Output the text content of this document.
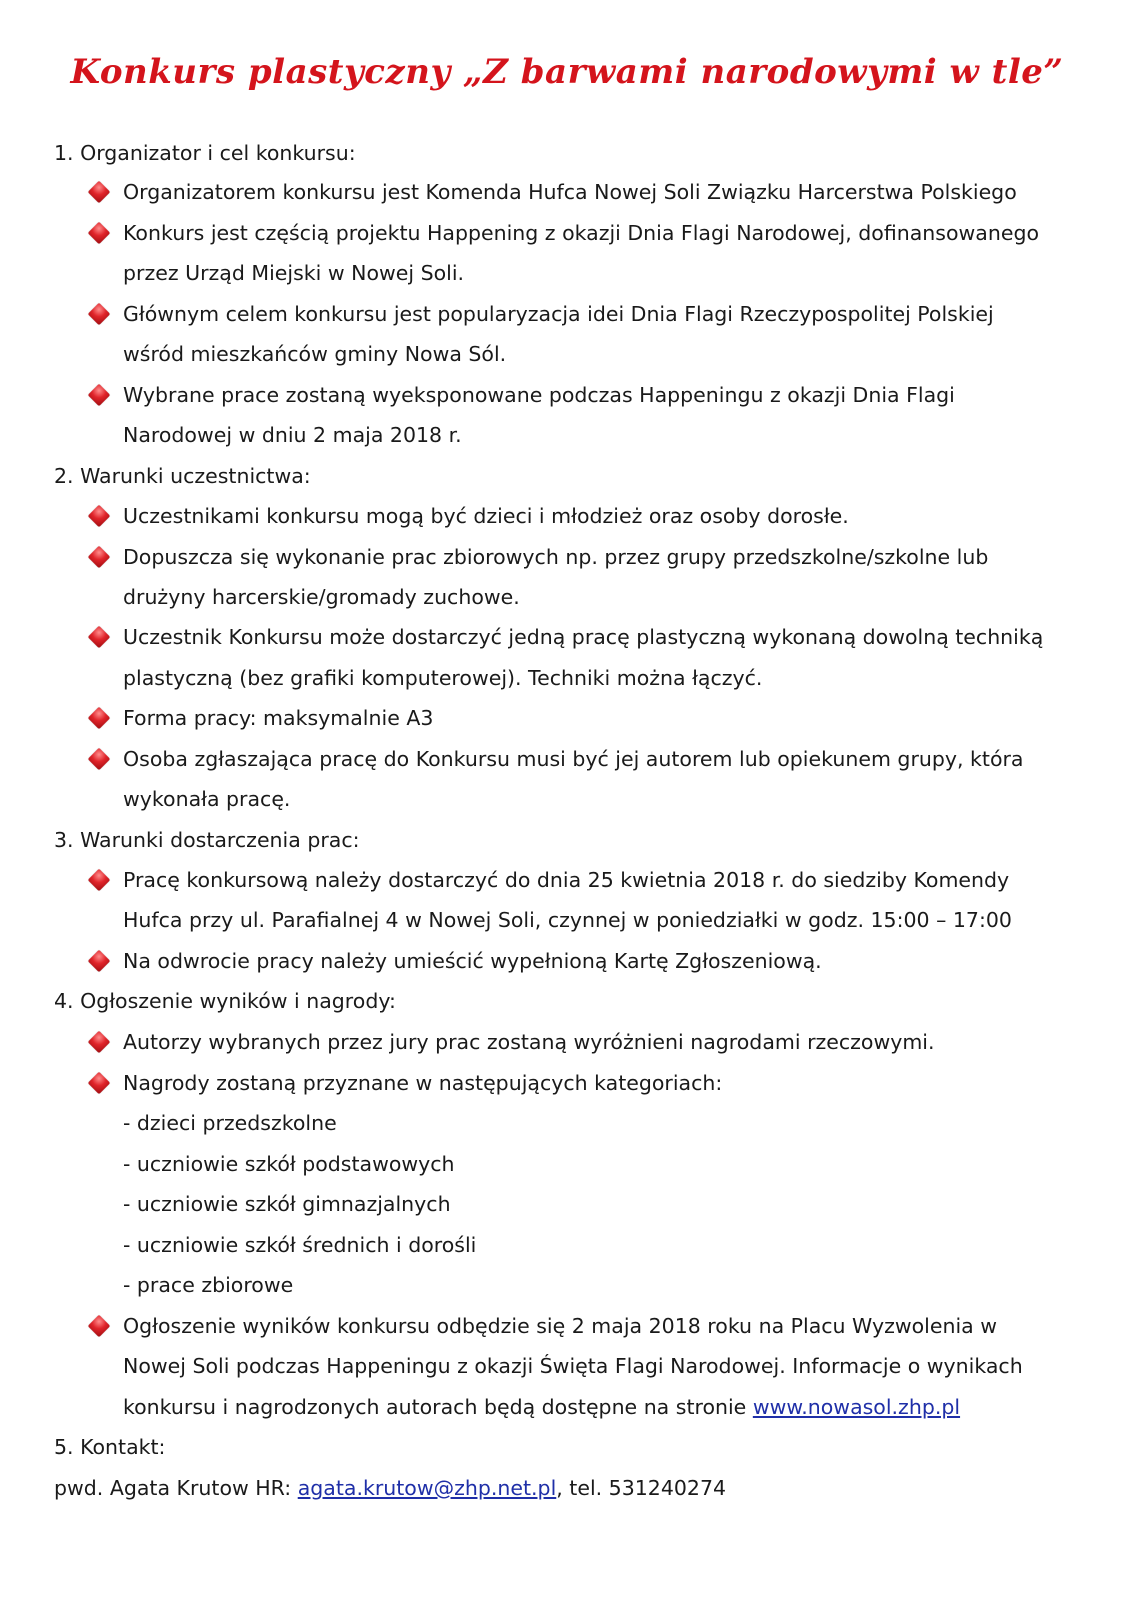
Konkurs plastyczny „Z barwami narodowymi w tle”
1. Organizator i cel konkursu:
Organizatorem konkursu jest Komenda Hufca Nowej Soli Związku Harcerstwa Polskiego
Konkurs jest częścią projektu Happening z okazji Dnia Flagi Narodowej, dofinansowanego
przez Urząd Miejski w Nowej Soli.
Głównym celem konkursu jest popularyzacja idei Dnia Flagi Rzeczypospolitej Polskiej
wśród mieszkańców gminy Nowa Sól.
Wybrane prace zostaną wyeksponowane podczas Happeningu z okazji Dnia Flagi
Narodowej w dniu 2 maja 2018 r.
2. Warunki uczestnictwa:
Uczestnikami konkursu mogą być dzieci i młodzież oraz osoby dorosłe.
Dopuszcza się wykonanie prac zbiorowych np. przez grupy przedszkolne/szkolne lub
drużyny harcerskie/gromady zuchowe.
Uczestnik Konkursu może dostarczyć jedną pracę plastyczną wykonaną dowolną techniką
plastyczną (bez grafiki komputerowej). Techniki można łączyć.
Forma pracy: maksymalnie A3
Osoba zgłaszająca pracę do Konkursu musi być jej autorem lub opiekunem grupy, która
wykonała pracę.
3. Warunki dostarczenia prac:
Pracę konkursową należy dostarczyć do dnia 25 kwietnia 2018 r. do siedziby Komendy
Hufca przy ul. Parafialnej 4 w Nowej Soli, czynnej w poniedziałki w godz. 15:00 – 17:00
Na odwrocie pracy należy umieścić wypełnioną Kartę Zgłoszeniową.
4. Ogłoszenie wyników i nagrody:
Autorzy wybranych przez jury prac zostaną wyróżnieni nagrodami rzeczowymi.
Nagrody zostaną przyznane w następujących kategoriach:
- dzieci przedszkolne
- uczniowie szkół podstawowych
- uczniowie szkół gimnazjalnych
- uczniowie szkół średnich i dorośli
- prace zbiorowe
Ogłoszenie wyników konkursu odbędzie się 2 maja 2018 roku na Placu Wyzwolenia w
Nowej Soli podczas Happeningu z okazji Święta Flagi Narodowej. Informacje o wynikach
konkursu i nagrodzonych autorach będą dostępne na stronie www.nowasol.zhp.pl
5. Kontakt:
pwd. Agata Krutow HR: agata.krutow@zhp.net.pl, tel. 531240274
